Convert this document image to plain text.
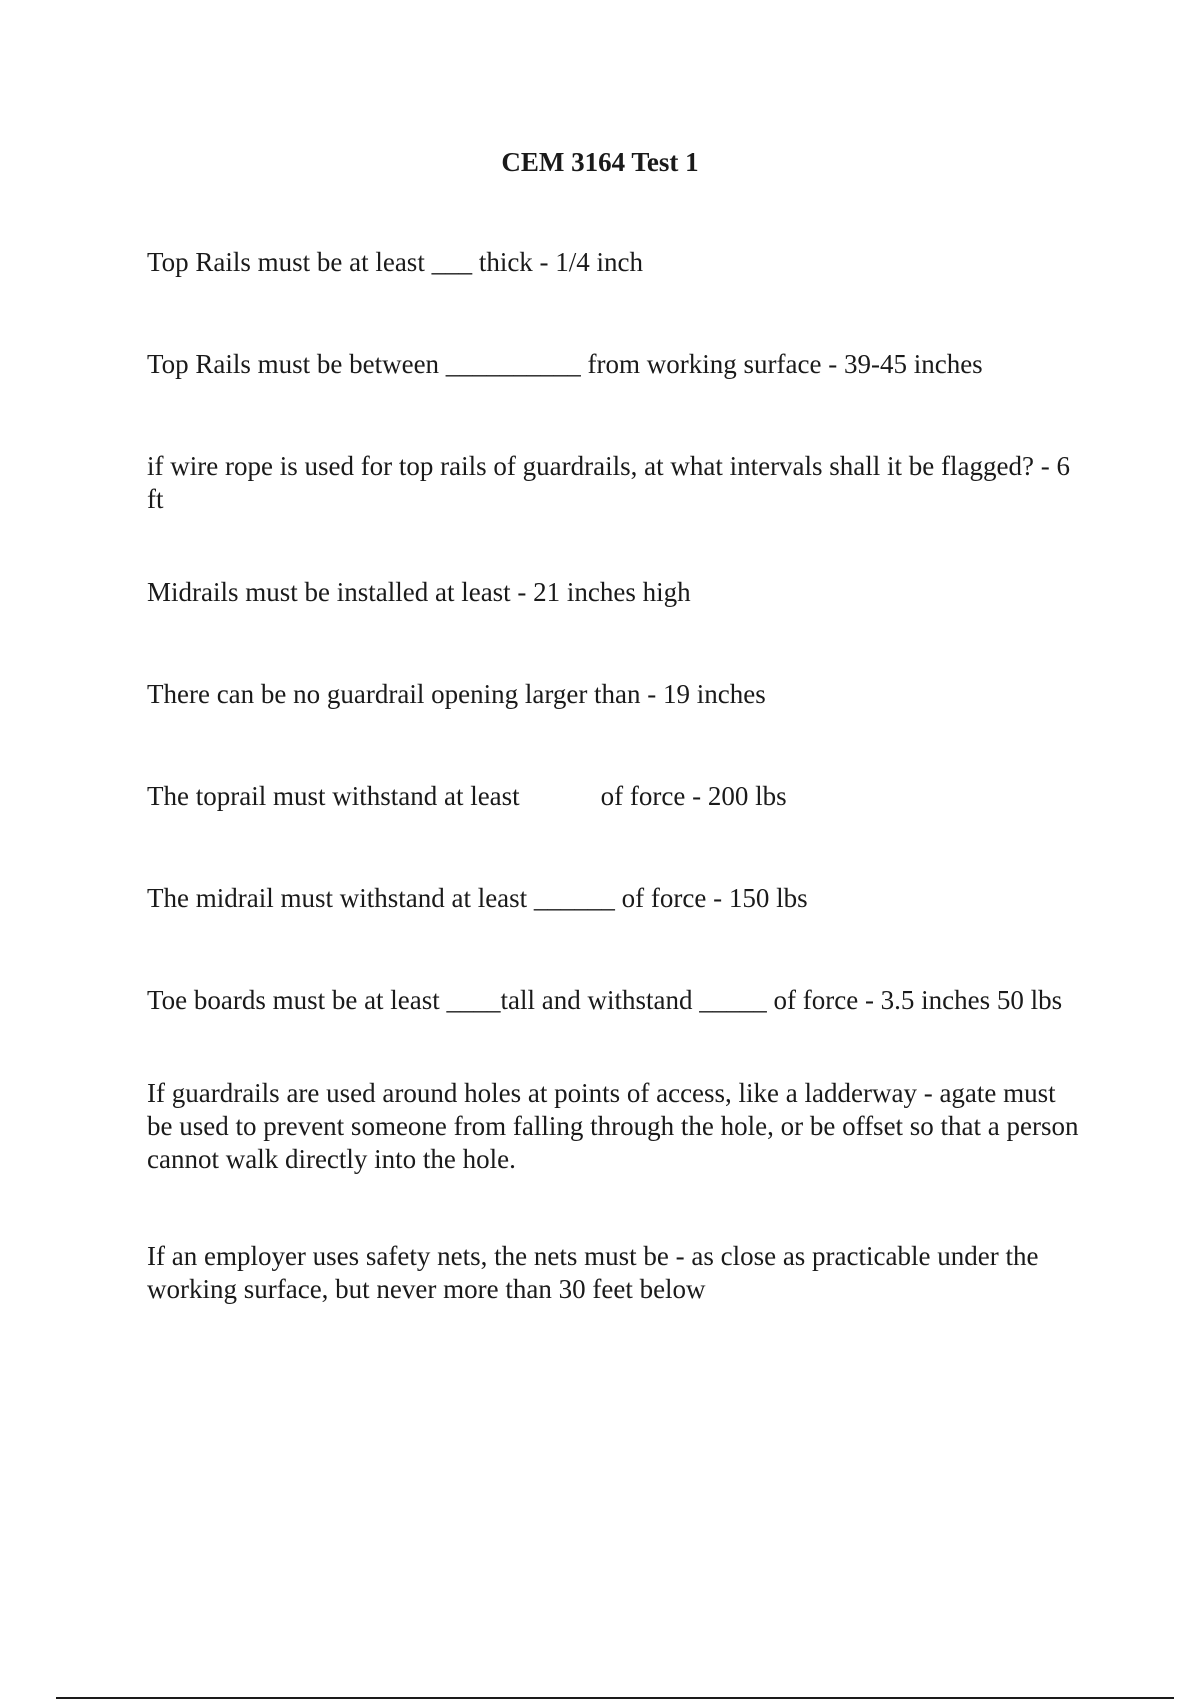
CEM 3164 Test 1

Top Rails must be at least ___ thick - 1/4 inch

Top Rails must be between __________ from working surface - 39-45 inches

if wire rope is used for top rails of guardrails, at what intervals shall it be flagged? - 6 ft

Midrails must be installed at least - 21 inches high

There can be no guardrail opening larger than - 19 inches

The toprail must withstand at least            of force - 200 lbs

The midrail must withstand at least ______ of force - 150 lbs

Toe boards must be at least ____tall and withstand _____ of force - 3.5 inches 50 lbs

If guardrails are used around holes at points of access, like a ladderway - agate must be used to prevent someone from falling through the hole, or be offset so that a person cannot walk directly into the hole.

If an employer uses safety nets, the nets must be - as close as practicable under the working surface, but never more than 30 feet below
